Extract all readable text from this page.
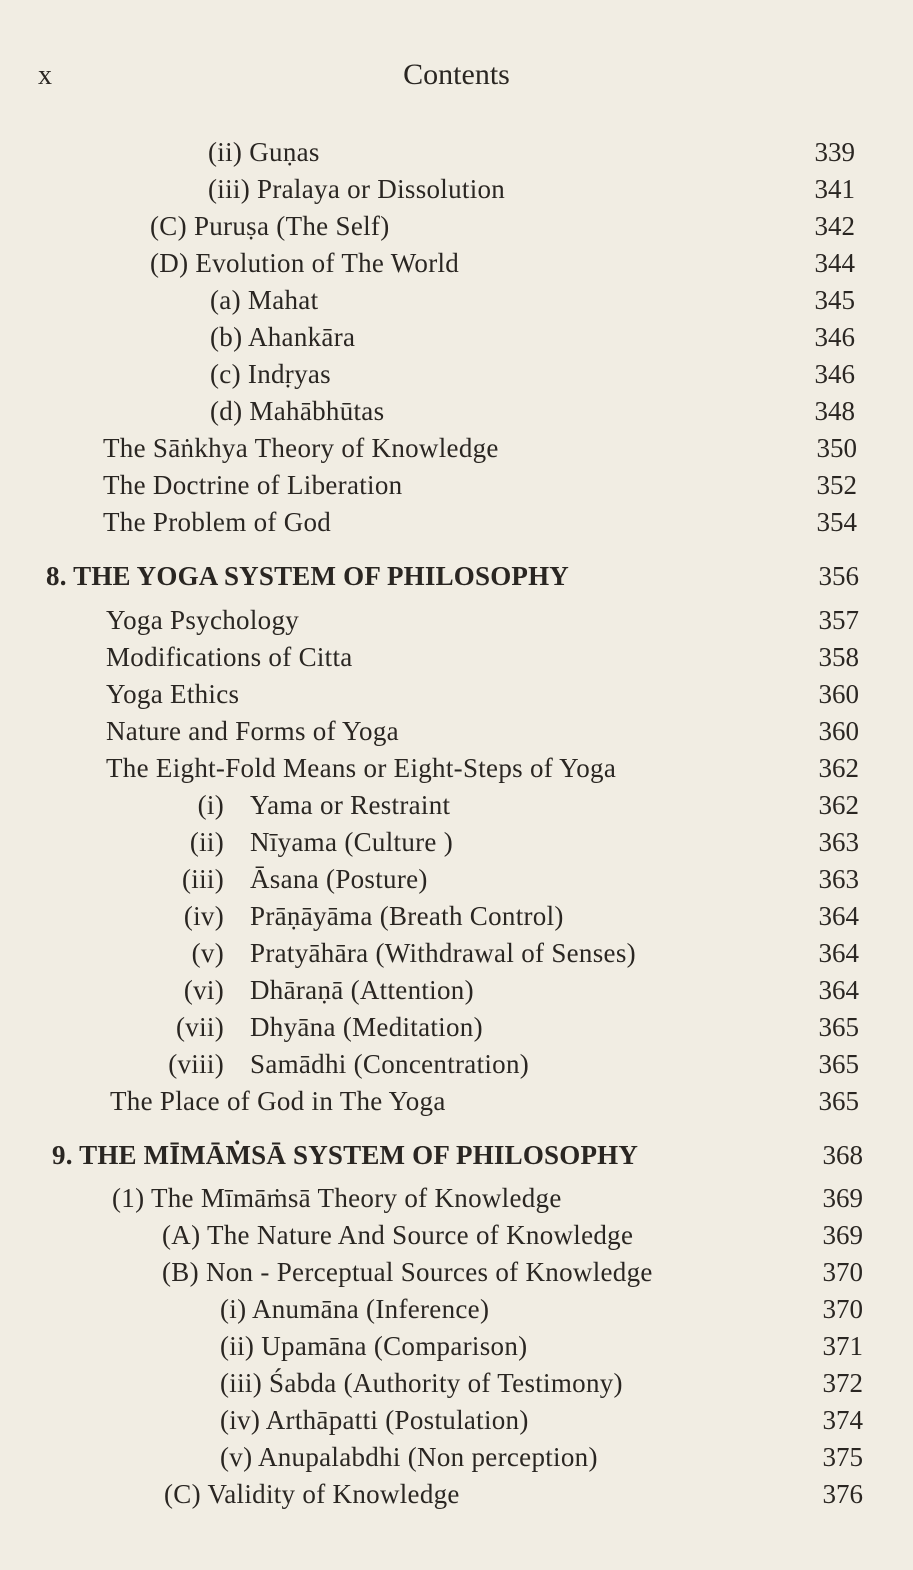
x	Contents
(ii) Guṇas	339
(iii) Pralaya or Dissolution	341
(C) Puruṣa (The Self)	342
(D) Evolution of The World	344
(a) Mahat	345
(b) Ahankāra	346
(c) Indṛyas	346
(d) Mahābhūtas	348
The Sāṅkhya Theory of Knowledge	350
The Doctrine of Liberation	352
The Problem of God	354
8. THE YOGA SYSTEM OF PHILOSOPHY	356
Yoga Psychology	357
Modifications of Citta	358
Yoga Ethics	360
Nature and Forms of Yoga	360
The Eight-Fold Means or Eight-Steps of Yoga	362
(i) Yama or Restraint	362
(ii) Nīyama (Culture )	363
(iii) Āsana (Posture)	363
(iv) Prāṇāyāma (Breath Control)	364
(v) Pratyāhāra (Withdrawal of Senses)	364
(vi) Dhāraṇā (Attention)	364
(vii) Dhyāna (Meditation)	365
(viii) Samādhi (Concentration)	365
The Place of God in The Yoga	365
9. THE MĪMĀṀSĀ SYSTEM OF PHILOSOPHY	368
(1) The Mīmāṁsā Theory of Knowledge	369
(A) The Nature And Source of Knowledge	369
(B) Non - Perceptual Sources of Knowledge	370
(i) Anumāna (Inference)	370
(ii) Upamāna (Comparison)	371
(iii) Śabda (Authority of Testimony)	372
(iv) Arthāpatti (Postulation)	374
(v) Anupalabdhi (Non perception)	375
(C) Validity of Knowledge	376
